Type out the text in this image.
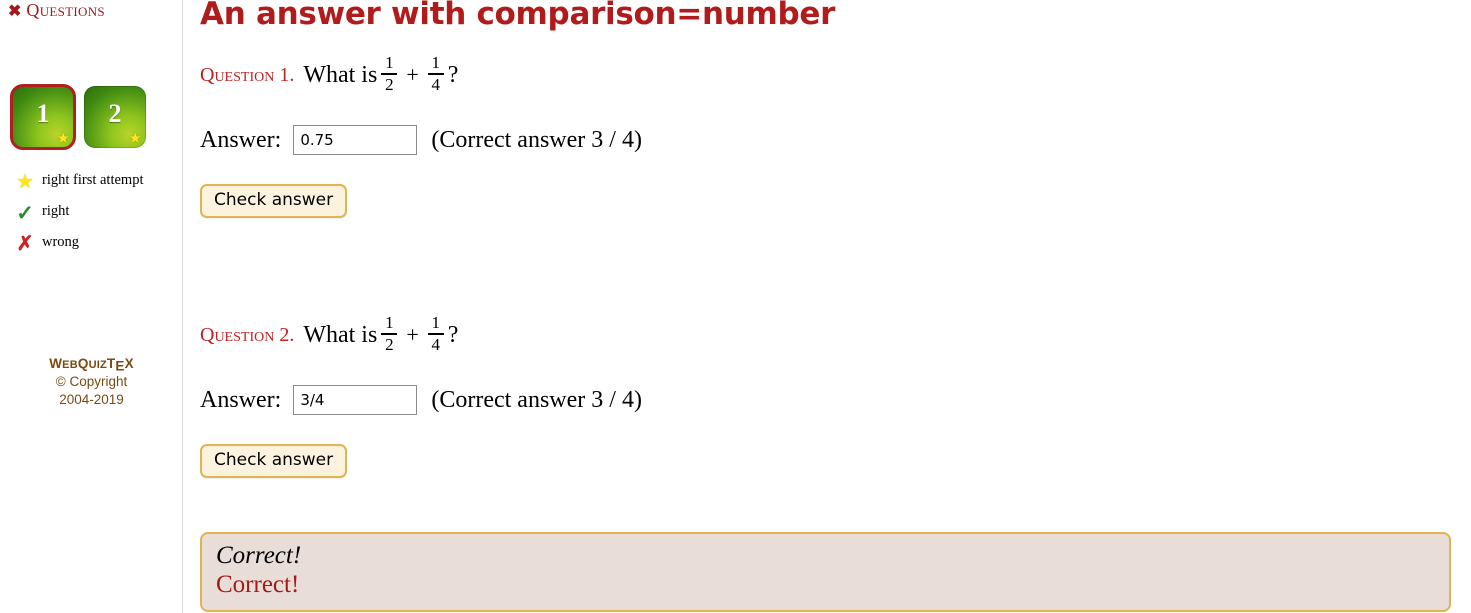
✖ Questions
1
★
2
★
★ right first attempt
✓ right
✗ wrong
WEBQUIZTEX
© Copyright
2004-2019
An answer with comparison=number
Question 1. What is $\frac{1}{2} + \frac{1}{4}$ ?
Answer:
0.75	(Correct answer 3 / 4)
Check answer
Question 2. What is $\frac{1}{2} + \frac{1}{4}$ ?
Answer:
3/4	(Correct answer 3 / 4)
Check answer
Correct!
Correct!
